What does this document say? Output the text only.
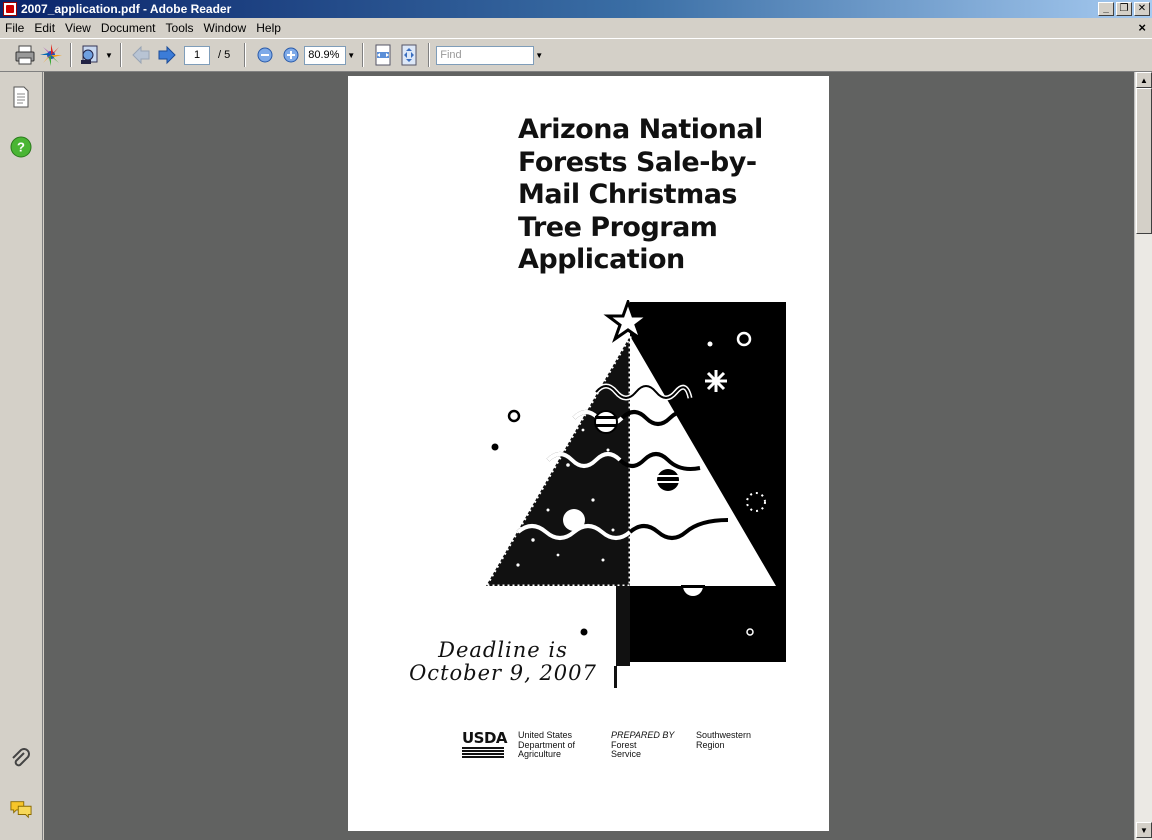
2007_application.pdf - Adobe Reader	_	❐ ✕
File Edit View Document Tools Window Help	×
▼	1	/ 5	80.9% ▼	Find	▼
?
Arizona National
Forests Sale-by-
Mail Christmas
Tree Program
Application
Deadline is
October 9, 2007
USDA United States
Department of
Agriculture
PREPARED BY
Forest
Service
Southwestern
Region
▲
▼
